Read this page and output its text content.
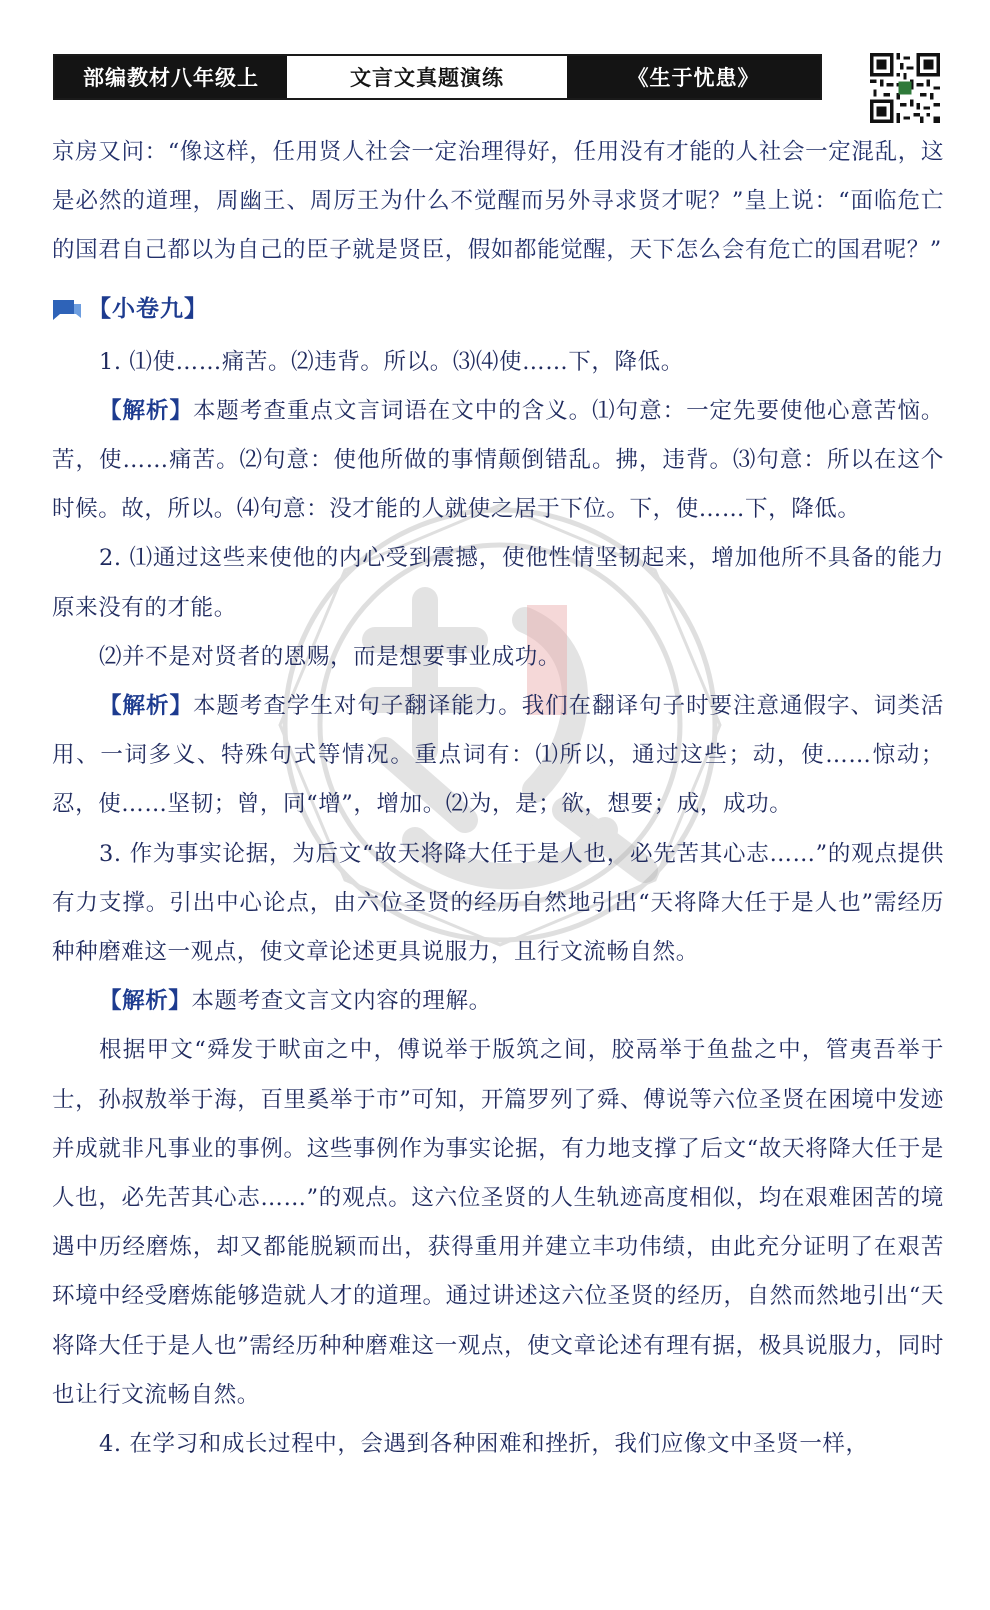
部编教材八年级上	文言文真题演练	《生于忧患》

京房又问：“像这样，任用贤人社会一定治理得好，任用没有才能的人社会一定混乱，这是必然的道理，周幽王、周厉王为什么不觉醒而另外寻求贤才呢？”皇上说：“面临危亡的国君自己都以为自己的臣子就是贤臣，假如都能觉醒，天下怎么会有危亡的国君呢？”

【小卷九】

1. ⑴使……痛苦。⑵违背。所以。⑶⑷使……下，降低。

【解析】本题考查重点文言词语在文中的含义。⑴句意：一定先要使他心意苦恼。苦，使……痛苦。⑵句意：使他所做的事情颠倒错乱。拂，违背。⑶句意：所以在这个时候。故，所以。⑷句意：没才能的人就使之居于下位。下，使……下，降低。

2. ⑴通过这些来使他的内心受到震撼，使他性情坚韧起来，增加他所不具备的能力原来没有的才能。

⑵并不是对贤者的恩赐，而是想要事业成功。

【解析】本题考查学生对句子翻译能力。我们在翻译句子时要注意通假字、词类活用、一词多义、特殊句式等情况。重点词有：⑴所以，通过这些；动，使……惊动；忍，使……坚韧；曾，同“增”，增加。⑵为，是；欲，想要；成，成功。

3. 作为事实论据，为后文“故天将降大任于是人也，必先苦其心志……”的观点提供有力支撑。引出中心论点，由六位圣贤的经历自然地引出“天将降大任于是人也”需经历种种磨难这一观点，使文章论述更具说服力，且行文流畅自然。

【解析】本题考查文言文内容的理解。

根据甲文“舜发于畎亩之中，傅说举于版筑之间，胶鬲举于鱼盐之中，管夷吾举于士，孙叔敖举于海，百里奚举于市”可知，开篇罗列了舜、傅说等六位圣贤在困境中发迹并成就非凡事业的事例。这些事例作为事实论据，有力地支撑了后文“故天将降大任于是人也，必先苦其心志……”的观点。这六位圣贤的人生轨迹高度相似，均在艰难困苦的境遇中历经磨炼，却又都能脱颖而出，获得重用并建立丰功伟绩，由此充分证明了在艰苦环境中经受磨炼能够造就人才的道理。通过讲述这六位圣贤的经历，自然而然地引出“天将降大任于是人也”需经历种种磨难这一观点，使文章论述有理有据，极具说服力，同时也让行文流畅自然。

4. 在学习和成长过程中，会遇到各种困难和挫折，我们应像文中圣贤一样，
